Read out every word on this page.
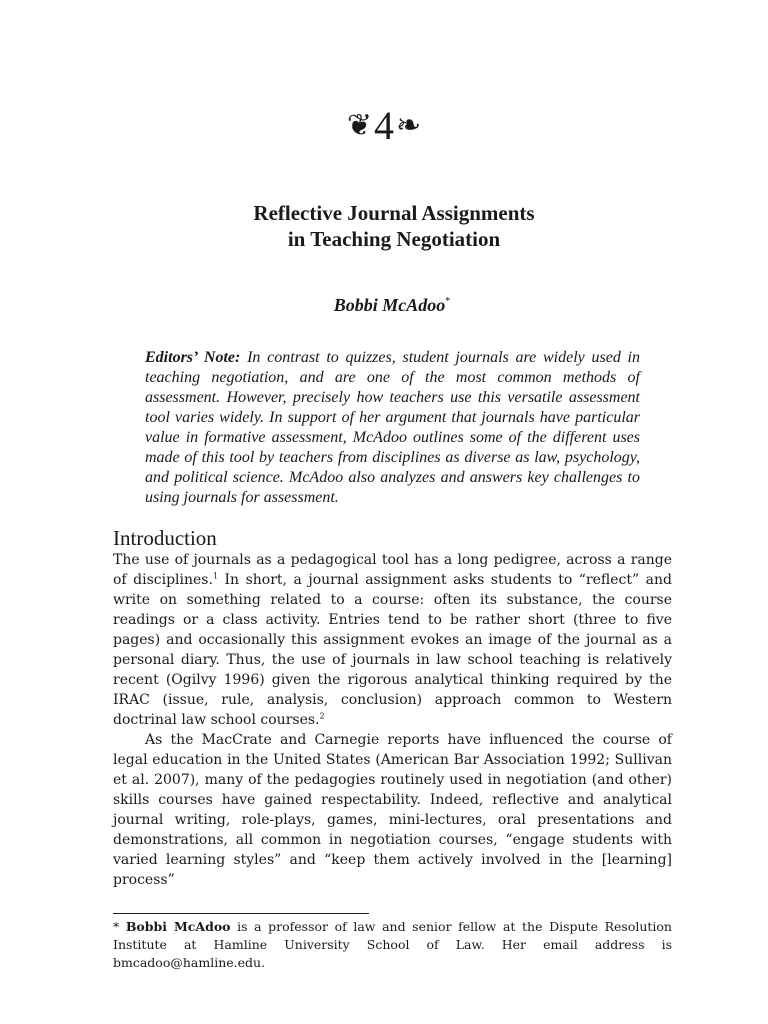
❦4❧
Reflective Journal Assignments
in Teaching Negotiation
Bobbi McAdoo*
Editors’ Note: In contrast to quizzes, student journals are widely used in teaching negotiation, and are one of the most common methods of assessment. However, precisely how teachers use this versatile assessment tool varies widely. In support of her argument that journals have particular value in formative assessment, McAdoo outlines some of the different uses made of this tool by teachers from disciplines as diverse as law, psychology, and political science. McAdoo also analyzes and answers key challenges to using journals for assessment.
Introduction

The use of journals as a pedagogical tool has a long pedigree, across a range of disciplines.$^1$ In short, a journal assignment asks students to “reflect” and write on something related to a course: often its substance, the course readings or a class activity. Entries tend to be rather short (three to five pages) and occasionally this assignment evokes an image of the journal as a personal diary. Thus, the use of journals in law school teaching is relatively recent (Ogilvy 1996) given the rigorous analytical thinking required by the IRAC (issue, rule, analysis, conclusion) approach common to Western doctrinal law school courses.$^2$

As the MacCrate and Carnegie reports have influenced the course of legal education in the United States (American Bar Association 1992; Sullivan et al. 2007), many of the pedagogies routinely used in negotiation (and other) skills courses have gained respectability. Indeed, reflective and analytical journal writing, role-plays, games, mini-lectures, oral presentations and demonstrations, all common in negotiation courses, “engage students with varied learning styles” and “keep them actively involved in the [learning] process”

* Bobbi McAdoo is a professor of law and senior fellow at the Dispute Resolution Institute at Hamline University School of Law. Her email address is bmcadoo@hamline.edu.
